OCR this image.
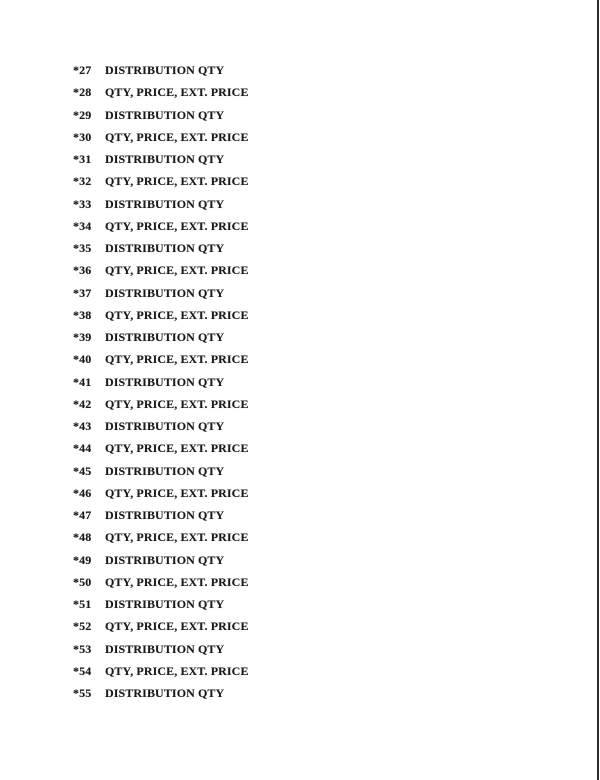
*27	DISTRIBUTION QTY
*28	QTY, PRICE, EXT. PRICE
*29	DISTRIBUTION QTY
*30	QTY, PRICE, EXT. PRICE
*31	DISTRIBUTION QTY
*32	QTY, PRICE, EXT. PRICE
*33	DISTRIBUTION QTY
*34	QTY, PRICE, EXT. PRICE
*35	DISTRIBUTION QTY
*36	QTY, PRICE, EXT. PRICE
*37	DISTRIBUTION QTY
*38	QTY, PRICE, EXT. PRICE
*39	DISTRIBUTION QTY
*40	QTY, PRICE, EXT. PRICE
*41	DISTRIBUTION QTY
*42	QTY, PRICE, EXT. PRICE
*43	DISTRIBUTION QTY
*44	QTY, PRICE, EXT. PRICE
*45	DISTRIBUTION QTY
*46	QTY, PRICE, EXT. PRICE
*47	DISTRIBUTION QTY
*48	QTY, PRICE, EXT. PRICE
*49	DISTRIBUTION QTY
*50	QTY, PRICE, EXT. PRICE
*51	DISTRIBUTION QTY
*52	QTY, PRICE, EXT. PRICE
*53	DISTRIBUTION QTY
*54	QTY, PRICE, EXT. PRICE
*55	DISTRIBUTION QTY
